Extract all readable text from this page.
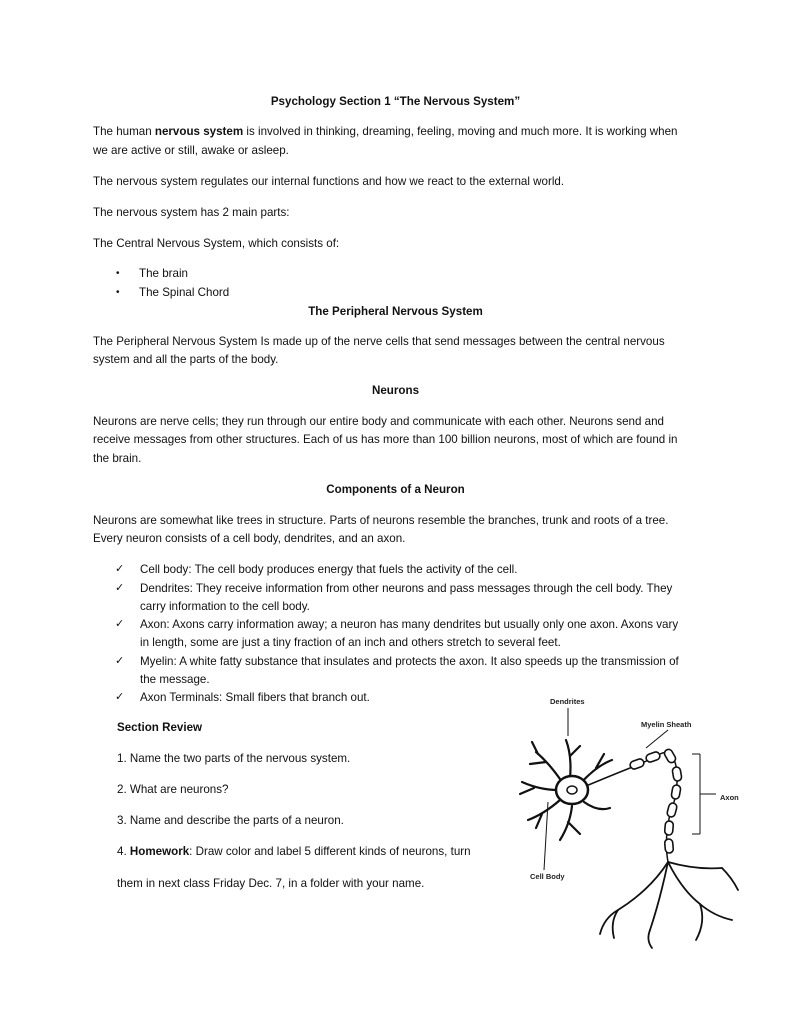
Psychology Section 1 “The Nervous System”
The human nervous system is involved in thinking, dreaming, feeling, moving and much more. It is working when
we are active or still, awake or asleep.
The nervous system regulates our internal functions and how we react to the external world.
The nervous system has 2 main parts:
The Central Nervous System, which consists of:
• The brain
• The Spinal Chord
The Peripheral Nervous System
The Peripheral Nervous System Is made up of the nerve cells that send messages between the central nervous
system and all the parts of the body.
Neurons
Neurons are nerve cells; they run through our entire body and communicate with each other. Neurons send and
receive messages from other structures. Each of us has more than 100 billion neurons, most of which are found in
the brain.
Components of a Neuron
Neurons are somewhat like trees in structure. Parts of neurons resemble the branches, trunk and roots of a tree.
Every neuron consists of a cell body, dendrites, and an axon.
✓ Cell body: The cell body produces energy that fuels the activity of the cell.
✓ Dendrites: They receive information from other neurons and pass messages through the cell body. They
carry information to the cell body.
✓ Axon: Axons carry information away; a neuron has many dendrites but usually only one axon. Axons vary
in length, some are just a tiny fraction of an inch and others stretch to several feet.
✓ Myelin: A white fatty substance that insulates and protects the axon. It also speeds up the transmission of
the message.
✓ Axon Terminals: Small fibers that branch out.
Section Review
1. Name the two parts of the nervous system.
2. What are neurons?
3. Name and describe the parts of a neuron.
4. Homework: Draw color and label 5 different kinds of neurons, turn
them in next class Friday Dec. 7, in a folder with your name.
Dendrites
Myelin Sheath
Axon
Cell Body
